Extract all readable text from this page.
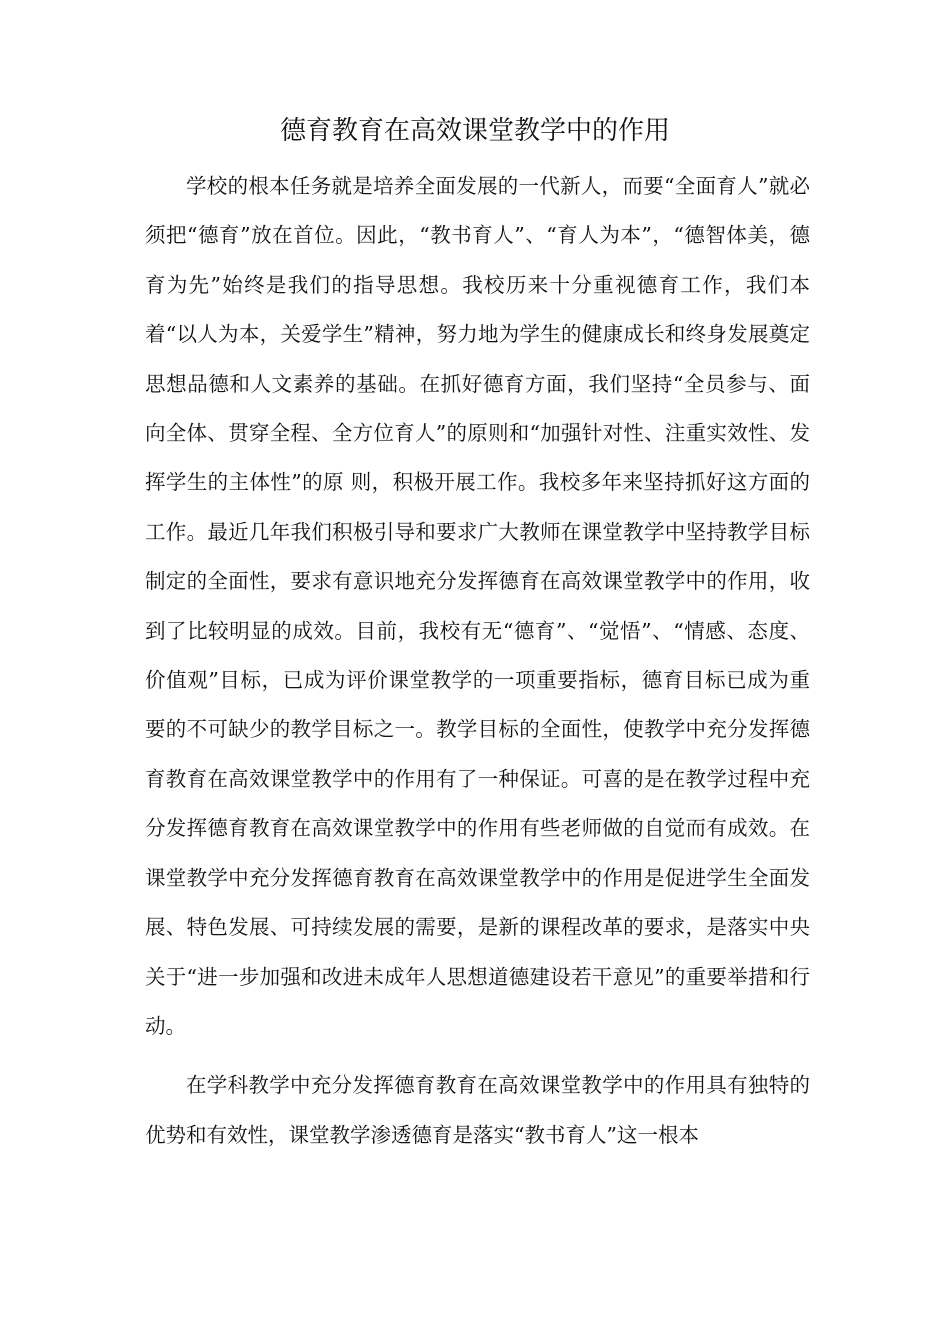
德育教育在高效课堂教学中的作用

学校的根本任务就是培养全面发展的一代新人，而要“全面育人”就必须把“德育”放在首位。因此，“教书育人”、“育人为本”，“德智体美，德育为先”始终是我们的指导思想。我校历来十分重视德育工作，我们本着“以人为本，关爱学生”精神，努力地为学生的健康成长和终身发展奠定思想品德和人文素养的基础。在抓好德育方面，我们坚持“全员参与、面向全体、贯穿全程、全方位育人”的原则和“加强针对性、注重实效性、发挥学生的主体性”的原 则，积极开展工作。我校多年来坚持抓好这方面的工作。最近几年我们积极引导和要求广大教师在课堂教学中坚持教学目标制定的全面性，要求有意识地充分发挥德育在高效课堂教学中的作用，收到了比较明显的成效。目前，我校有无“德育”、“觉悟”、“情感、态度、价值观”目标，已成为评价课堂教学的一项重要指标，德育目标已成为重要的不可缺少的教学目标之一。教学目标的全面性，使教学中充分发挥德育教育在高效课堂教学中的作用有了一种保证。可喜的是在教学过程中充分发挥德育教育在高效课堂教学中的作用有些老师做的自觉而有成效。在课堂教学中充分发挥德育教育在高效课堂教学中的作用是促进学生全面发展、特色发展、可持续发展的需要，是新的课程改革的要求，是落实中央关于“进一步加强和改进未成年人思想道德建设若干意见”的重要举措和行动。

在学科教学中充分发挥德育教育在高效课堂教学中的作用具有独特的优势和有效性，课堂教学渗透德育是落实“教书育人”这一根本
